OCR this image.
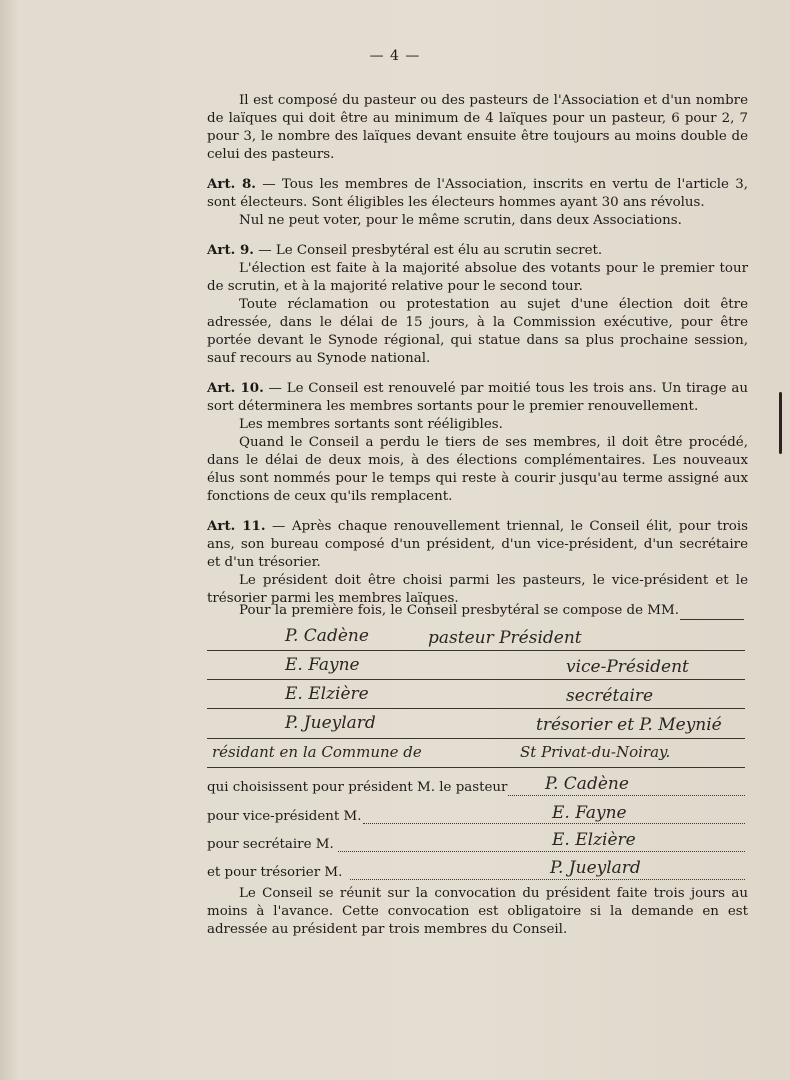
— 4 —

Il est composé du pasteur ou des pasteurs de l'Association et d'un nombre de laïques qui doit être au minimum de 4 laïques pour un pasteur, 6 pour 2, 7 pour 3, le nombre des laïques devant ensuite être toujours au moins double de celui des pasteurs.

Art. 8. — Tous les membres de l'Association, inscrits en vertu de l'article 3, sont électeurs. Sont éligibles les électeurs hommes ayant 30 ans révolus.

Nul ne peut voter, pour le même scrutin, dans deux Associations.

Art. 9. — Le Conseil presbytéral est élu au scrutin secret.

L'élection est faite à la majorité absolue des votants pour le premier tour de scrutin, et à la majorité relative pour le second tour.

Toute réclamation ou protestation au sujet d'une élection doit être adressée, dans le délai de 15 jours, à la Commission exécutive, pour être portée devant le Synode régional, qui statue dans sa plus prochaine session, sauf recours au Synode national.

Art. 10. — Le Conseil est renouvelé par moitié tous les trois ans. Un tirage au sort déterminera les membres sortants pour le premier renouvellement.

Les membres sortants sont rééligibles.

Quand le Conseil a perdu le tiers de ses membres, il doit être procédé, dans le délai de deux mois, à des élections complémentaires. Les nouveaux élus sont nommés pour le temps qui reste à courir jusqu'au terme assigné aux fonctions de ceux qu'ils remplacent.

Art. 11. — Après chaque renouvellement triennal, le Conseil élit, pour trois ans, son bureau composé d'un président, d'un vice-président, d'un secrétaire et d'un trésorier.

Le président doit être choisi parmi les pasteurs, le vice-président et le trésorier parmi les membres laïques.

Pour la première fois, le Conseil presbytéral se compose de MM.
P. Cadène	pasteur Président
E. Fayne	vice-Président
E. Elzière	secrétaire
P. Jueylard	trésorier et P. Meynié
résidant en la Commune de	St Privat-du-Noiray.
qui choisissent pour président M. le pasteur P. Cadène
pour vice-président M.	E. Fayne
pour secrétaire M.	E. Elzière
et pour trésorier M.	P. Jueylard

Le Conseil se réunit sur la convocation du président faite trois jours au moins à l'avance. Cette convocation est obligatoire si la demande en est adressée au président par trois membres du Conseil.
